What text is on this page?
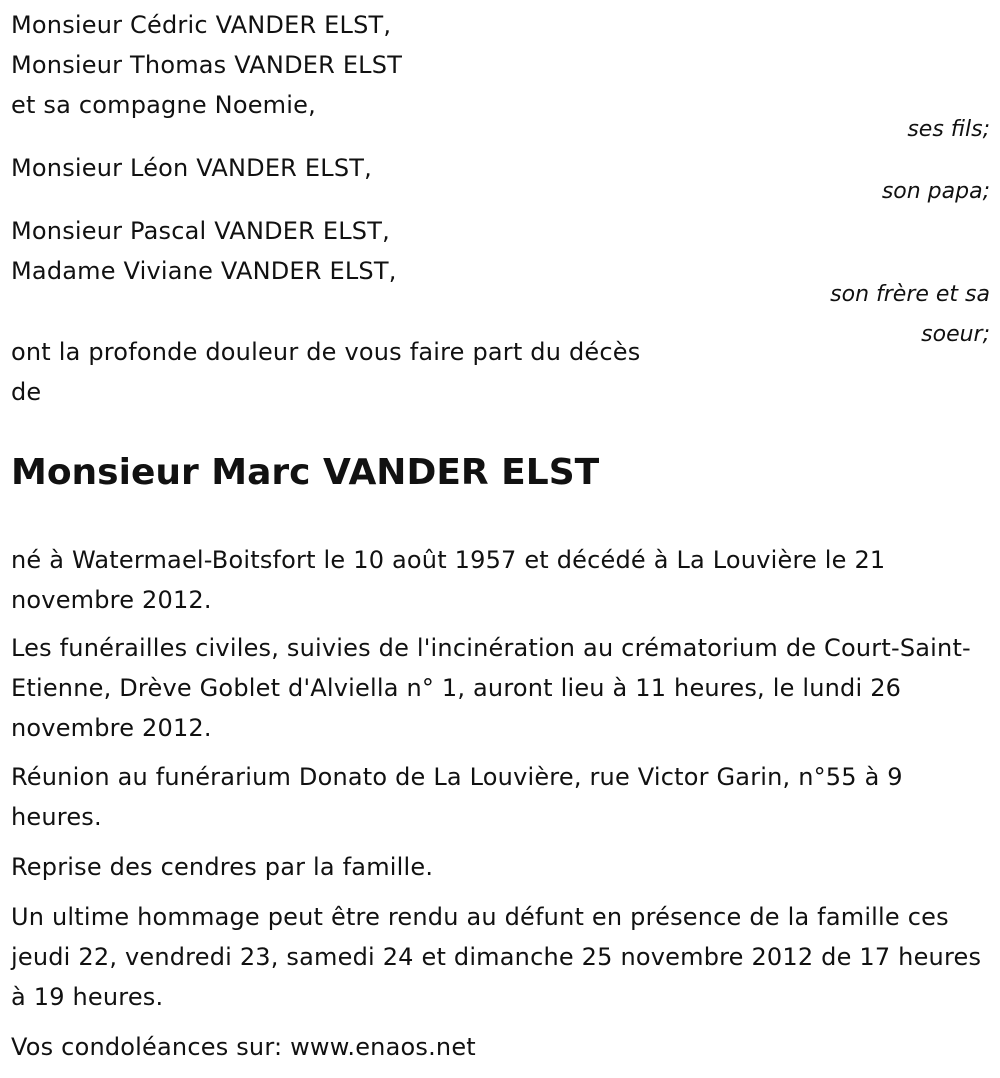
Monsieur Cédric VANDER ELST,
Monsieur Thomas VANDER ELST
et sa compagne Noemie,
ses fils;
Monsieur Léon VANDER ELST,
son papa;
Monsieur Pascal VANDER ELST,
Madame Viviane VANDER ELST,
son frère et sa
soeur;
ont la profonde douleur de vous faire part du décès
de
Monsieur Marc VANDER ELST
né à Watermael-Boitsfort le 10 août 1957 et décédé à La Louvière le 21 novembre 2012.
Les funérailles civiles, suivies de l'incinération au crématorium de Court-Saint-Etienne, Drève Goblet d'Alviella n° 1, auront lieu à 11 heures, le lundi 26 novembre 2012.
Réunion au funérarium Donato de La Louvière, rue Victor Garin, n°55 à 9 heures.
Reprise des cendres par la famille.
Un ultime hommage peut être rendu au défunt en présence de la famille ces jeudi 22, vendredi 23, samedi 24 et dimanche 25 novembre 2012 de 17 heures à 19 heures.
Vos condoléances sur: www.enaos.net
